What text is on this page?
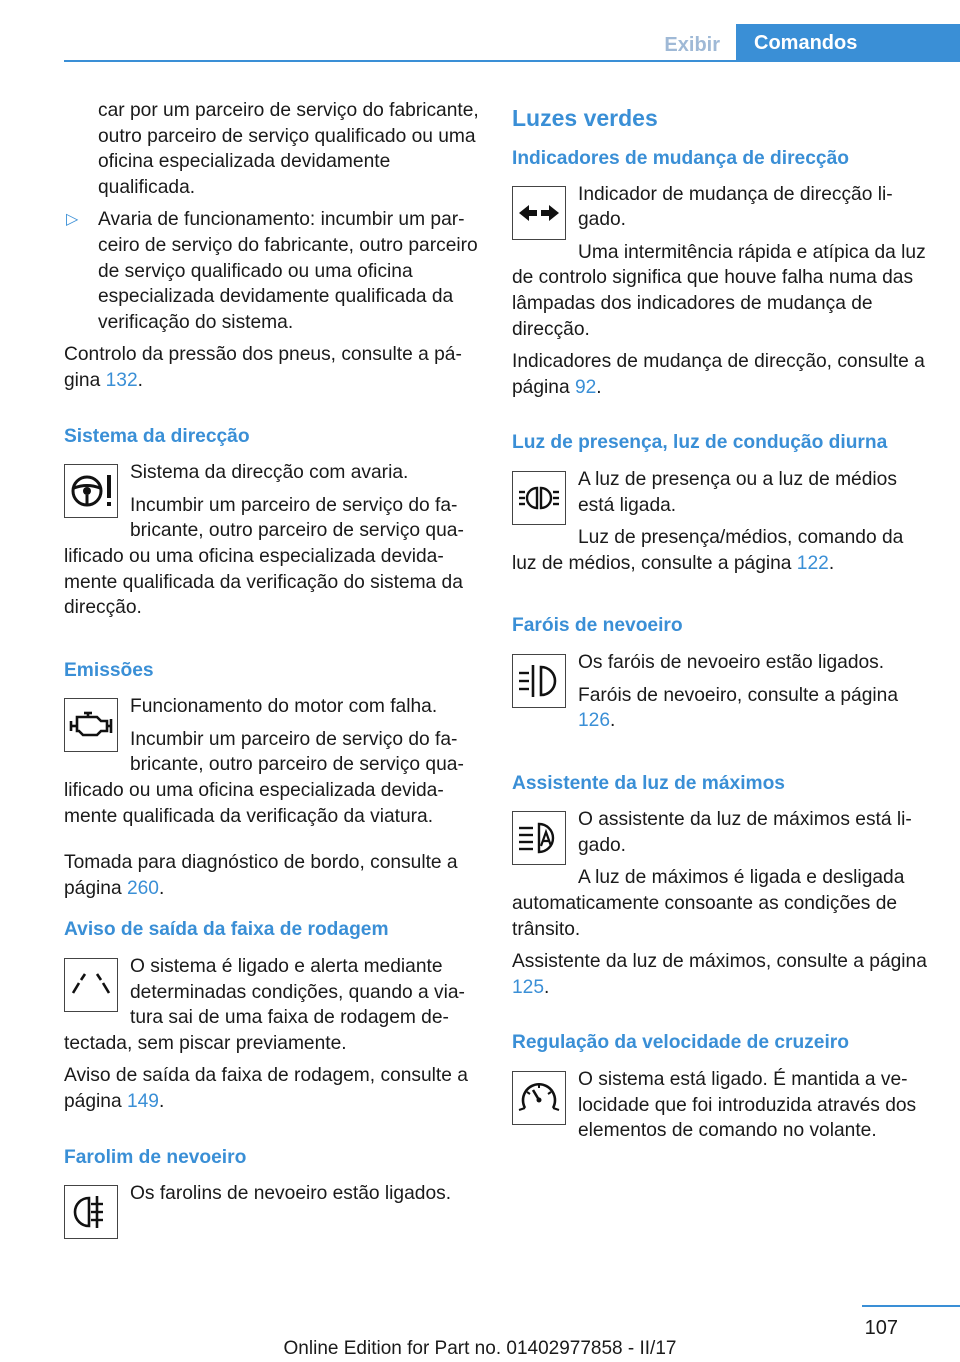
Exibir	Comandos

car por um parceiro de serviço do fabricante, outro parceiro de serviço qualificado ou uma oficina especializada devidamente qualificada.

▷ Avaria de funcionamento: incumbir um parceiro de serviço do fabricante, outro parceiro de serviço qualificado ou uma oficina especializada devidamente qualificada da verificação do sistema.

Controlo da pressão dos pneus, consulte a página 132.

Sistema da direcção

Sistema da direcção com avaria.

Incumbir um parceiro de serviço do fabricante, outro parceiro de serviço qualificado ou uma oficina especializada devidamente qualificada da verificação do sistema da direcção.

Emissões

Funcionamento do motor com falha.

Incumbir um parceiro de serviço do fabricante, outro parceiro de serviço qualificado ou uma oficina especializada devidamente qualificada da verificação da viatura.

Tomada para diagnóstico de bordo, consulte a página 260.

Aviso de saída da faixa de rodagem

O sistema é ligado e alerta mediante determinadas condições, quando a viatura sai de uma faixa de rodagem detectada, sem piscar previamente.

Aviso de saída da faixa de rodagem, consulte a página 149.

Farolim de nevoeiro

Os farolins de nevoeiro estão ligados.

Luzes verdes
Indicadores de mudança de direcção

Indicador de mudança de direcção ligado.

Uma intermitência rápida e atípica da luz de controlo significa que houve falha numa das lâmpadas dos indicadores de mudança de direcção.

Indicadores de mudança de direcção, consulte a página 92.

Luz de presença, luz de condução diurna

A luz de presença ou a luz de médios está ligada.

Luz de presença/médios, comando da luz de médios, consulte a página 122.

Faróis de nevoeiro

Os faróis de nevoeiro estão ligados.

Faróis de nevoeiro, consulte a página 126.

Assistente da luz de máximos

O assistente da luz de máximos está ligado.

A luz de máximos é ligada e desligada automaticamente consoante as condições de trânsito.

Assistente da luz de máximos, consulte a página 125.

Regulação da velocidade de cruzeiro

O sistema está ligado. É mantida a velocidade que foi introduzida através dos elementos de comando no volante.

107
Online Edition for Part no. 01402977858 - II/17
